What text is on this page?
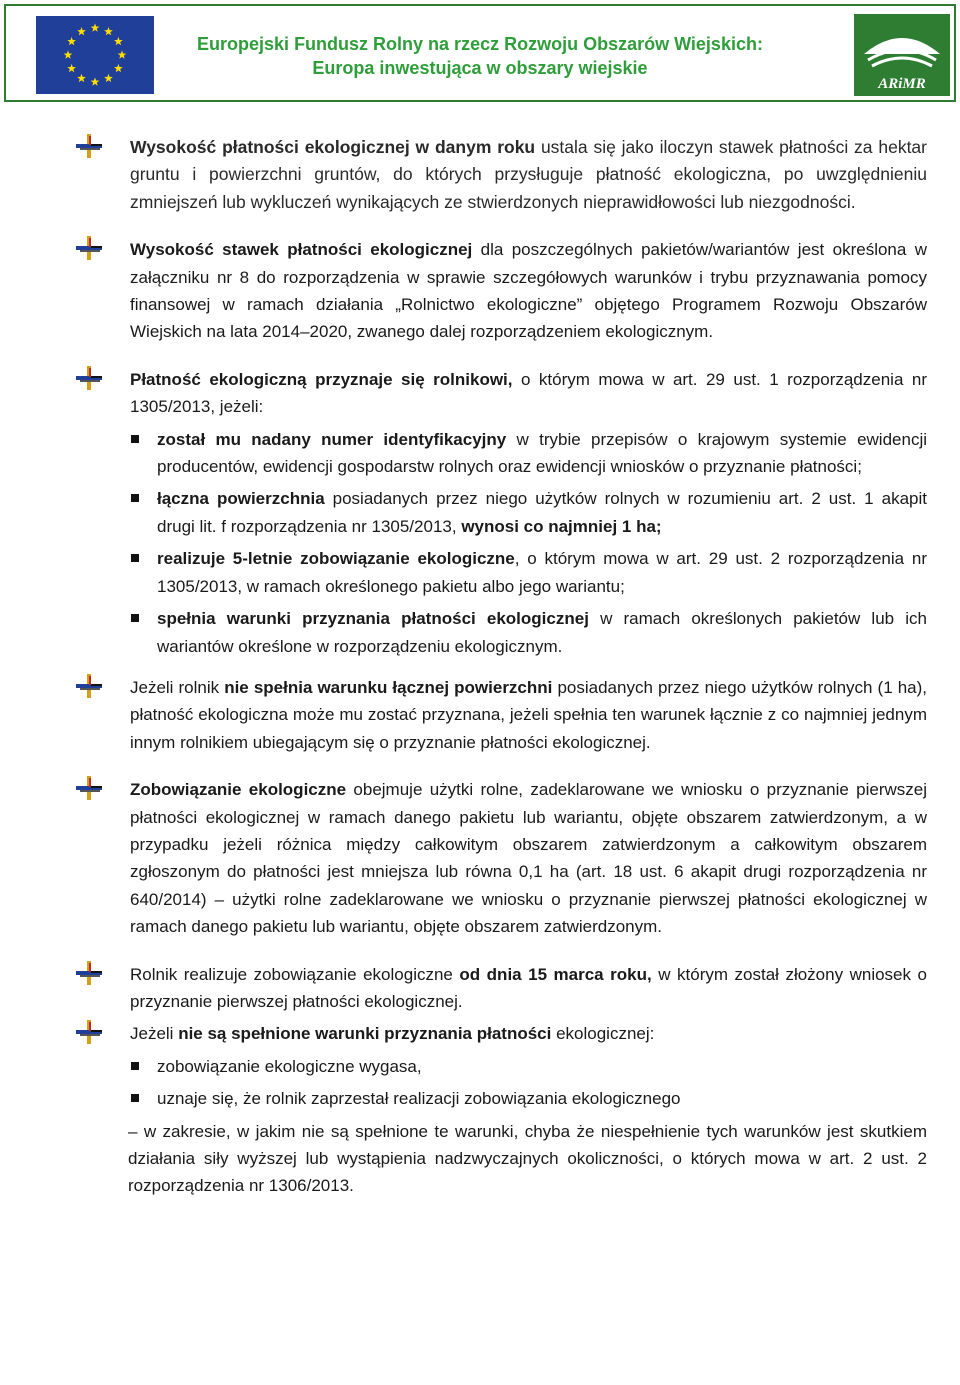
Europejski Fundusz Rolny na rzecz Rozwoju Obszarów Wiejskich:
Europa inwestująca w obszary wiejskie
ARiMR
Wysokość płatności ekologicznej w danym roku ustala się jako iloczyn stawek płatności za hektar gruntu i powierzchni gruntów, do których przysługuje płatność ekologiczna, po uwzględnieniu zmniejszeń lub wykluczeń wynikających ze stwierdzonych nieprawidłowości lub niezgodności.
Wysokość stawek płatności ekologicznej dla poszczególnych pakietów/wariantów jest określona w załączniku nr 8 do rozporządzenia w sprawie szczegółowych warunków i trybu przyznawania pomocy finansowej w ramach działania „Rolnictwo ekologiczne” objętego Programem Rozwoju Obszarów Wiejskich na lata 2014–2020, zwanego dalej rozporządzeniem ekologicznym.
Płatność ekologiczną przyznaje się rolnikowi, o którym mowa w art. 29 ust. 1 rozporządzenia nr 1305/2013, jeżeli:
został mu nadany numer identyfikacyjny w trybie przepisów o krajowym systemie ewidencji producentów, ewidencji gospodarstw rolnych oraz ewidencji wniosków o przyznanie płatności;
łączna powierzchnia posiadanych przez niego użytków rolnych w rozumieniu art. 2 ust. 1 akapit drugi lit. f rozporządzenia nr 1305/2013, wynosi co najmniej 1 ha;
realizuje 5-letnie zobowiązanie ekologiczne, o którym mowa w art. 29 ust. 2 rozporządzenia nr 1305/2013, w ramach określonego pakietu albo jego wariantu;
spełnia warunki przyznania płatności ekologicznej w ramach określonych pakietów lub ich wariantów określone w rozporządzeniu ekologicznym.
Jeżeli rolnik nie spełnia warunku łącznej powierzchni posiadanych przez niego użytków rolnych (1 ha), płatność ekologiczna może mu zostać przyznana, jeżeli spełnia ten warunek łącznie z co najmniej jednym innym rolnikiem ubiegającym się o przyznanie płatności ekologicznej.
Zobowiązanie ekologiczne obejmuje użytki rolne, zadeklarowane we wniosku o przyznanie pierwszej płatności ekologicznej w ramach danego pakietu lub wariantu, objęte obszarem zatwierdzonym, a w przypadku jeżeli różnica między całkowitym obszarem zatwierdzonym a całkowitym obszarem zgłoszonym do płatności jest mniejsza lub równa 0,1 ha (art. 18 ust. 6 akapit drugi rozporządzenia nr 640/2014) – użytki rolne zadeklarowane we wniosku o przyznanie pierwszej płatności ekologicznej w ramach danego pakietu lub wariantu, objęte obszarem zatwierdzonym.
Rolnik realizuje zobowiązanie ekologiczne od dnia 15 marca roku, w którym został złożony wniosek o przyznanie pierwszej płatności ekologicznej.
Jeżeli nie są spełnione warunki przyznania płatności ekologicznej:
zobowiązanie ekologiczne wygasa,
uznaje się, że rolnik zaprzestał realizacji zobowiązania ekologicznego
– w zakresie, w jakim nie są spełnione te warunki, chyba że niespełnienie tych warunków jest skutkiem działania siły wyższej lub wystąpienia nadzwyczajnych okoliczności, o których mowa w art. 2 ust. 2 rozporządzenia nr 1306/2013.
